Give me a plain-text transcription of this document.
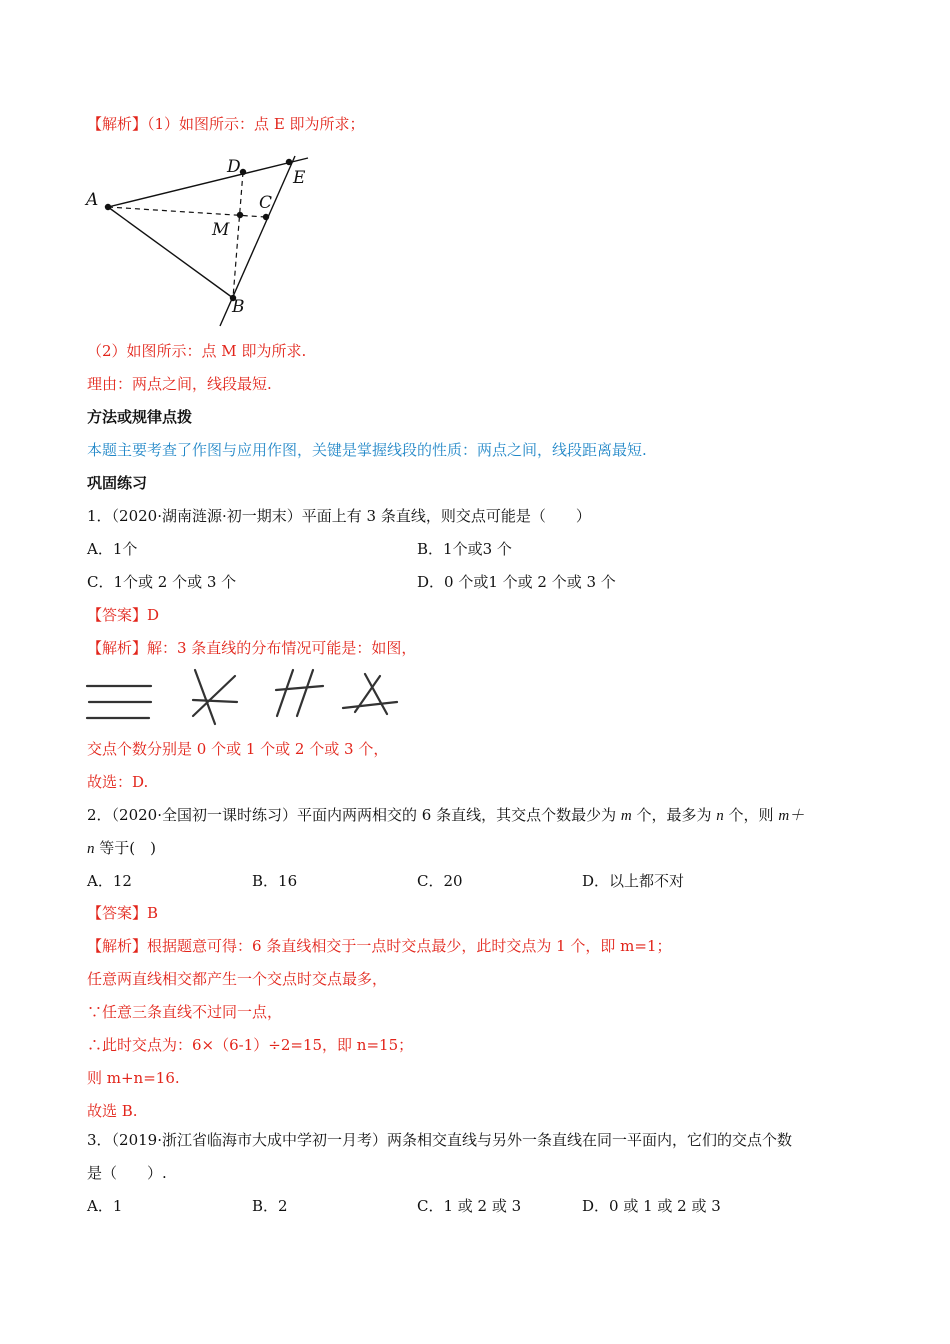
【解析】（1）如图所示：点 E 即为所求；
A
B
C
D
E
M
（2）如图所示：点 M 即为所求.
理由：两点之间，线段最短.
方法或规律点拨
本题主要考查了作图与应用作图，关键是掌握线段的性质：两点之间，线段距离最短.
巩固练习
1．（2020·湖南涟源·初一期末）平面上有 3 条直线，则交点可能是（　　）
A．1个	B．1个或3 个
C．1个或 2 个或 3 个	D．0 个或1 个或 2 个或 3 个
【答案】D
【解析】解：3 条直线的分布情况可能是：如图，
交点个数分别是 0 个或 1 个或 2 个或 3 个，
故选：D.
2．（2020·全国初一课时练习）平面内两两相交的 6 条直线，其交点个数最少为 m 个，最多为 n 个，则 m＋
n 等于(　)
A．12	B．16	C．20	D．以上都不对
【答案】B
【解析】根据题意可得：6 条直线相交于一点时交点最少，此时交点为 1 个，即 m=1；
任意两直线相交都产生一个交点时交点最多，
∵任意三条直线不过同一点，
∴此时交点为：6×（6-1）÷2=15，即 n=15；
则 m+n=16.
故选 B.
3．（2019·浙江省临海市大成中学初一月考）两条相交直线与另外一条直线在同一平面内，它们的交点个数
是（　　）.
A．1	B．2	C．1 或 2 或 3	D．0 或 1 或 2 或 3
